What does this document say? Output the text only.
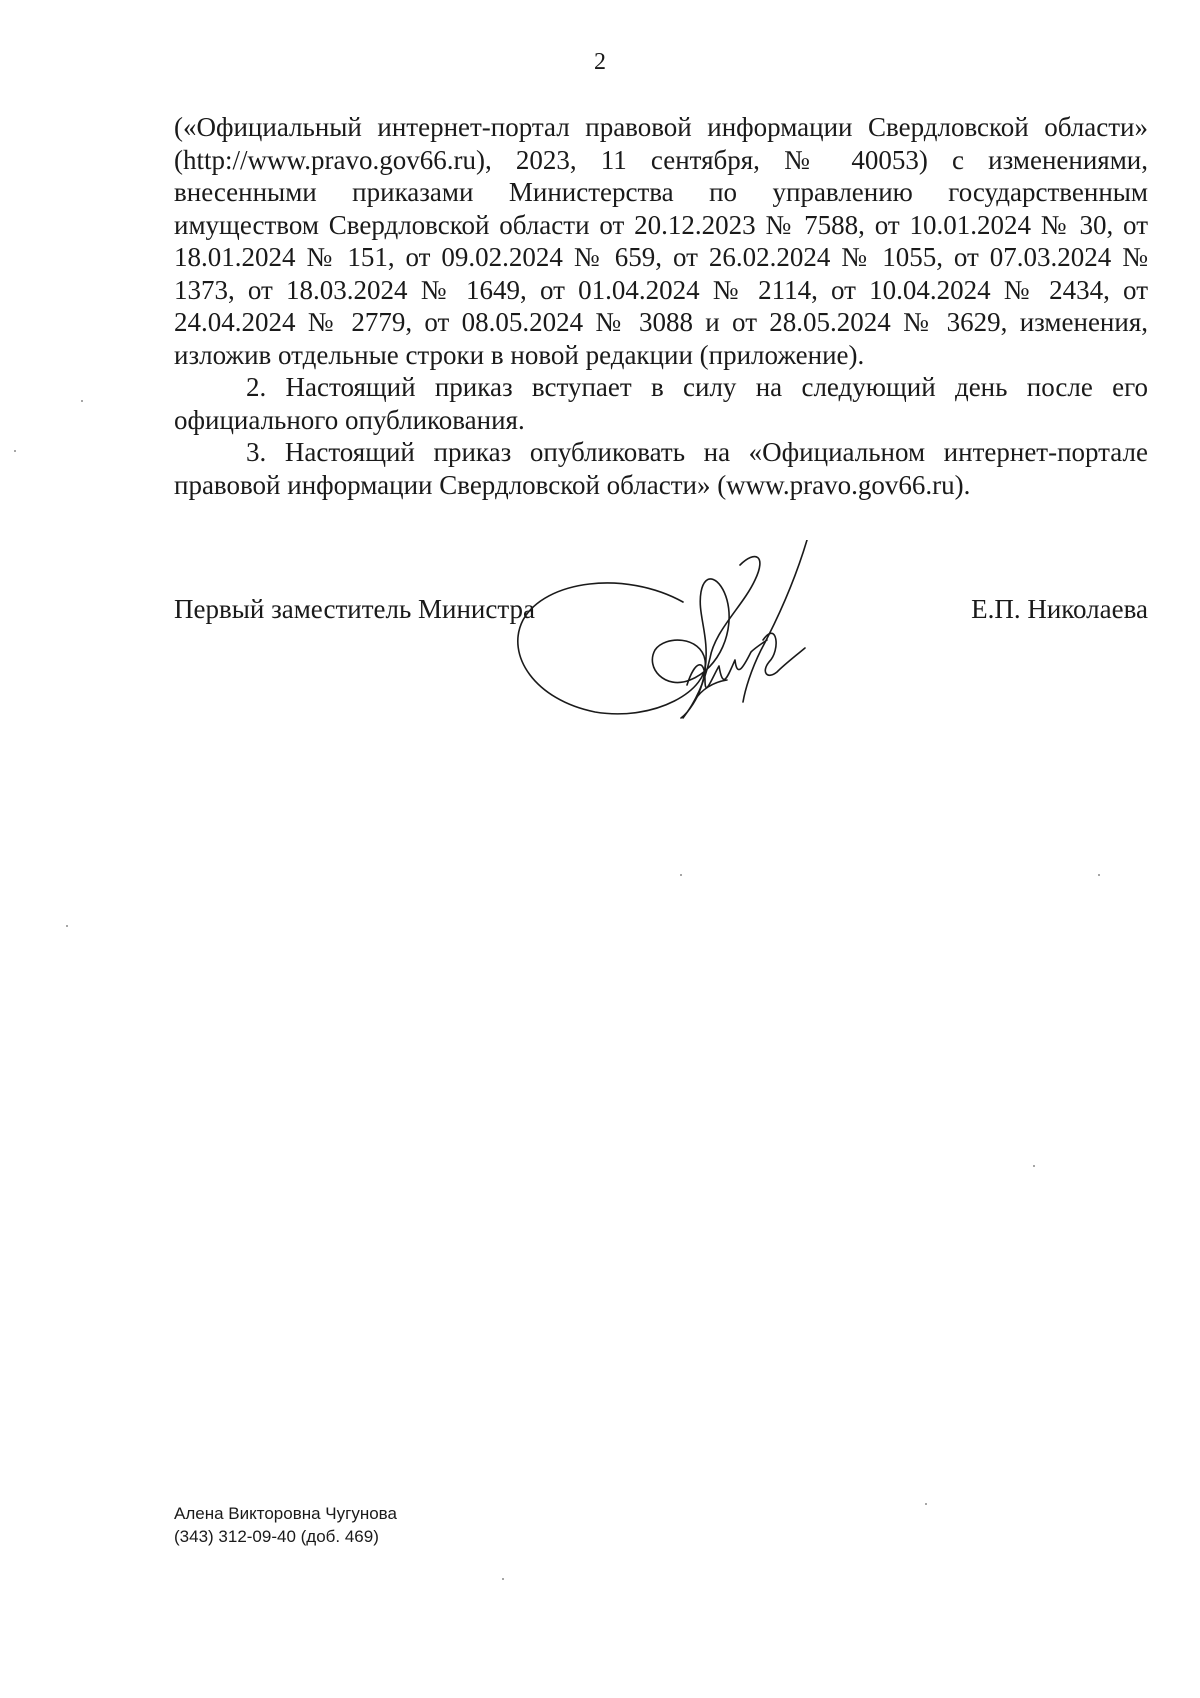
2

(«Официальный интернет-портал правовой информации Свердловской области» (http://www.pravo.gov66.ru), 2023, 11 сентября, № 40053) с изменениями, внесенными приказами Министерства по управлению государственным имуществом Свердловской области от 20.12.2023 № 7588, от 10.01.2024 № 30, от 18.01.2024 № 151, от 09.02.2024 № 659, от 26.02.2024 № 1055, от 07.03.2024 № 1373, от 18.03.2024 № 1649, от 01.04.2024 № 2114, от 10.04.2024 № 2434, от 24.04.2024 № 2779, от 08.05.2024 № 3088 и от 28.05.2024 № 3629, изменения, изложив отдельные строки в новой редакции (приложение).

2. Настоящий приказ вступает в силу на следующий день после его официального опубликования.

3. Настоящий приказ опубликовать на «Официальном интернет-портале правовой информации Свердловской области» (www.pravo.gov66.ru).

Первый заместитель Министра	Е.П. Николаева
Алена Викторовна Чугунова
(343) 312-09-40 (доб. 469)
